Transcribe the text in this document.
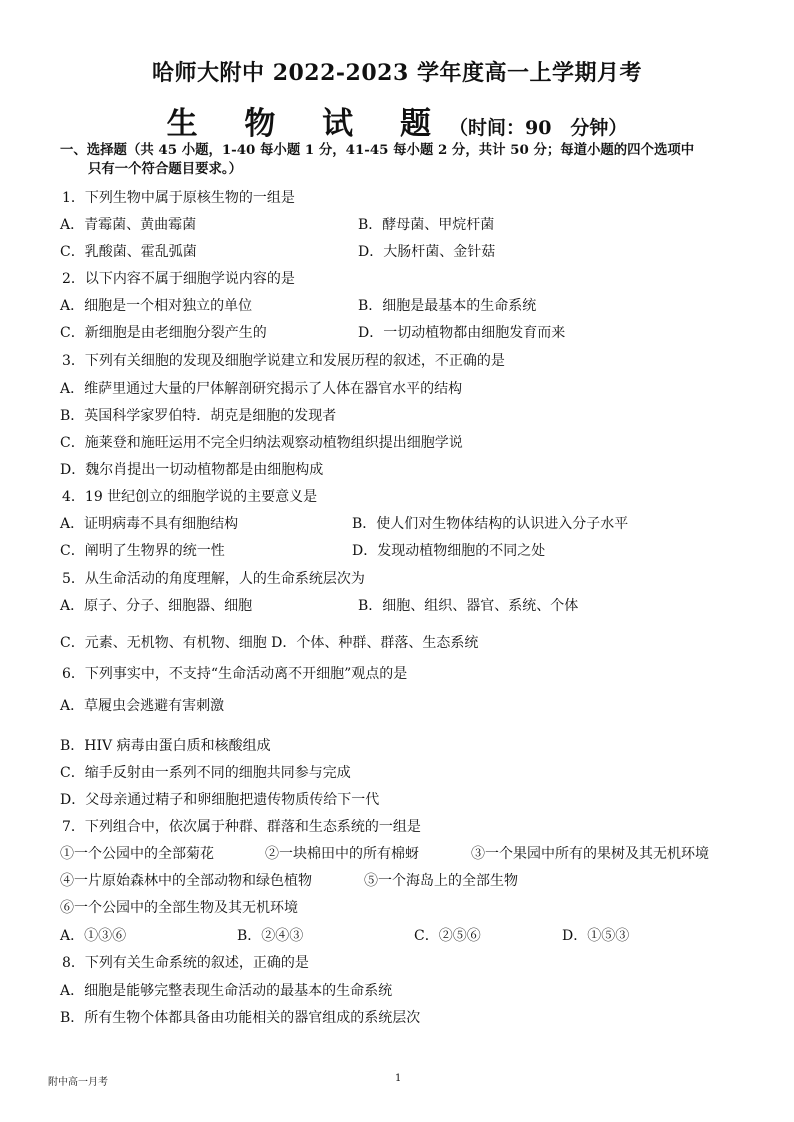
哈师大附中 2022-2023 学年度高一上学期月考
生 物 试 题（时间：90　分钟）
一、选择题（共 45 小题，1-40 每小题 1 分，41-45 每小题 2 分，共计 50 分；每道小题的四个选项中
只有一个符合题目要求。）
1．下列生物中属于原核生物的一组是
A．青霉菌、黄曲霉菌	B．酵母菌、甲烷杆菌
C．乳酸菌、霍乱弧菌	D．大肠杆菌、金针菇
2．以下内容不属于细胞学说内容的是
A．细胞是一个相对独立的单位	B．细胞是最基本的生命系统
C．新细胞是由老细胞分裂产生的	D．一切动植物都由细胞发育而来
3．下列有关细胞的发现及细胞学说建立和发展历程的叙述，不正确的是
A．维萨里通过大量的尸体解剖研究揭示了人体在器官水平的结构
B．英国科学家罗伯特．胡克是细胞的发现者
C．施莱登和施旺运用不完全归纳法观察动植物组织提出细胞学说
D．魏尔肖提出一切动植物都是由细胞构成
4．19 世纪创立的细胞学说的主要意义是
A．证明病毒不具有细胞结构	B．使人们对生物体结构的认识进入分子水平
C．阐明了生物界的统一性	D．发现动植物细胞的不同之处
5．从生命活动的角度理解，人的生命系统层次为
A．原子、分子、细胞器、细胞	B．细胞、组织、器官、系统、个体
C．元素、无机物、有机物、细胞 D．个体、种群、群落、生态系统
6．下列事实中，不支持“生命活动离不开细胞”观点的是
A．草履虫会逃避有害刺激
B．HIV 病毒由蛋白质和核酸组成
C．缩手反射由一系列不同的细胞共同参与完成
D．父母亲通过精子和卵细胞把遗传物质传给下一代
7．下列组合中，依次属于种群、群落和生态系统的一组是
①一个公园中的全部菊花	②一块棉田中的所有棉蚜	③一个果园中所有的果树及其无机环境
④一片原始森林中的全部动物和绿色植物	⑤一个海岛上的全部生物
⑥一个公园中的全部生物及其无机环境
A．①③⑥	B．②④③	C．②⑤⑥	D．①⑤③
8．下列有关生命系统的叙述，正确的是
A．细胞是能够完整表现生命活动的最基本的生命系统
B．所有生物个体都具备由功能相关的器官组成的系统层次
附中高一月考	1
